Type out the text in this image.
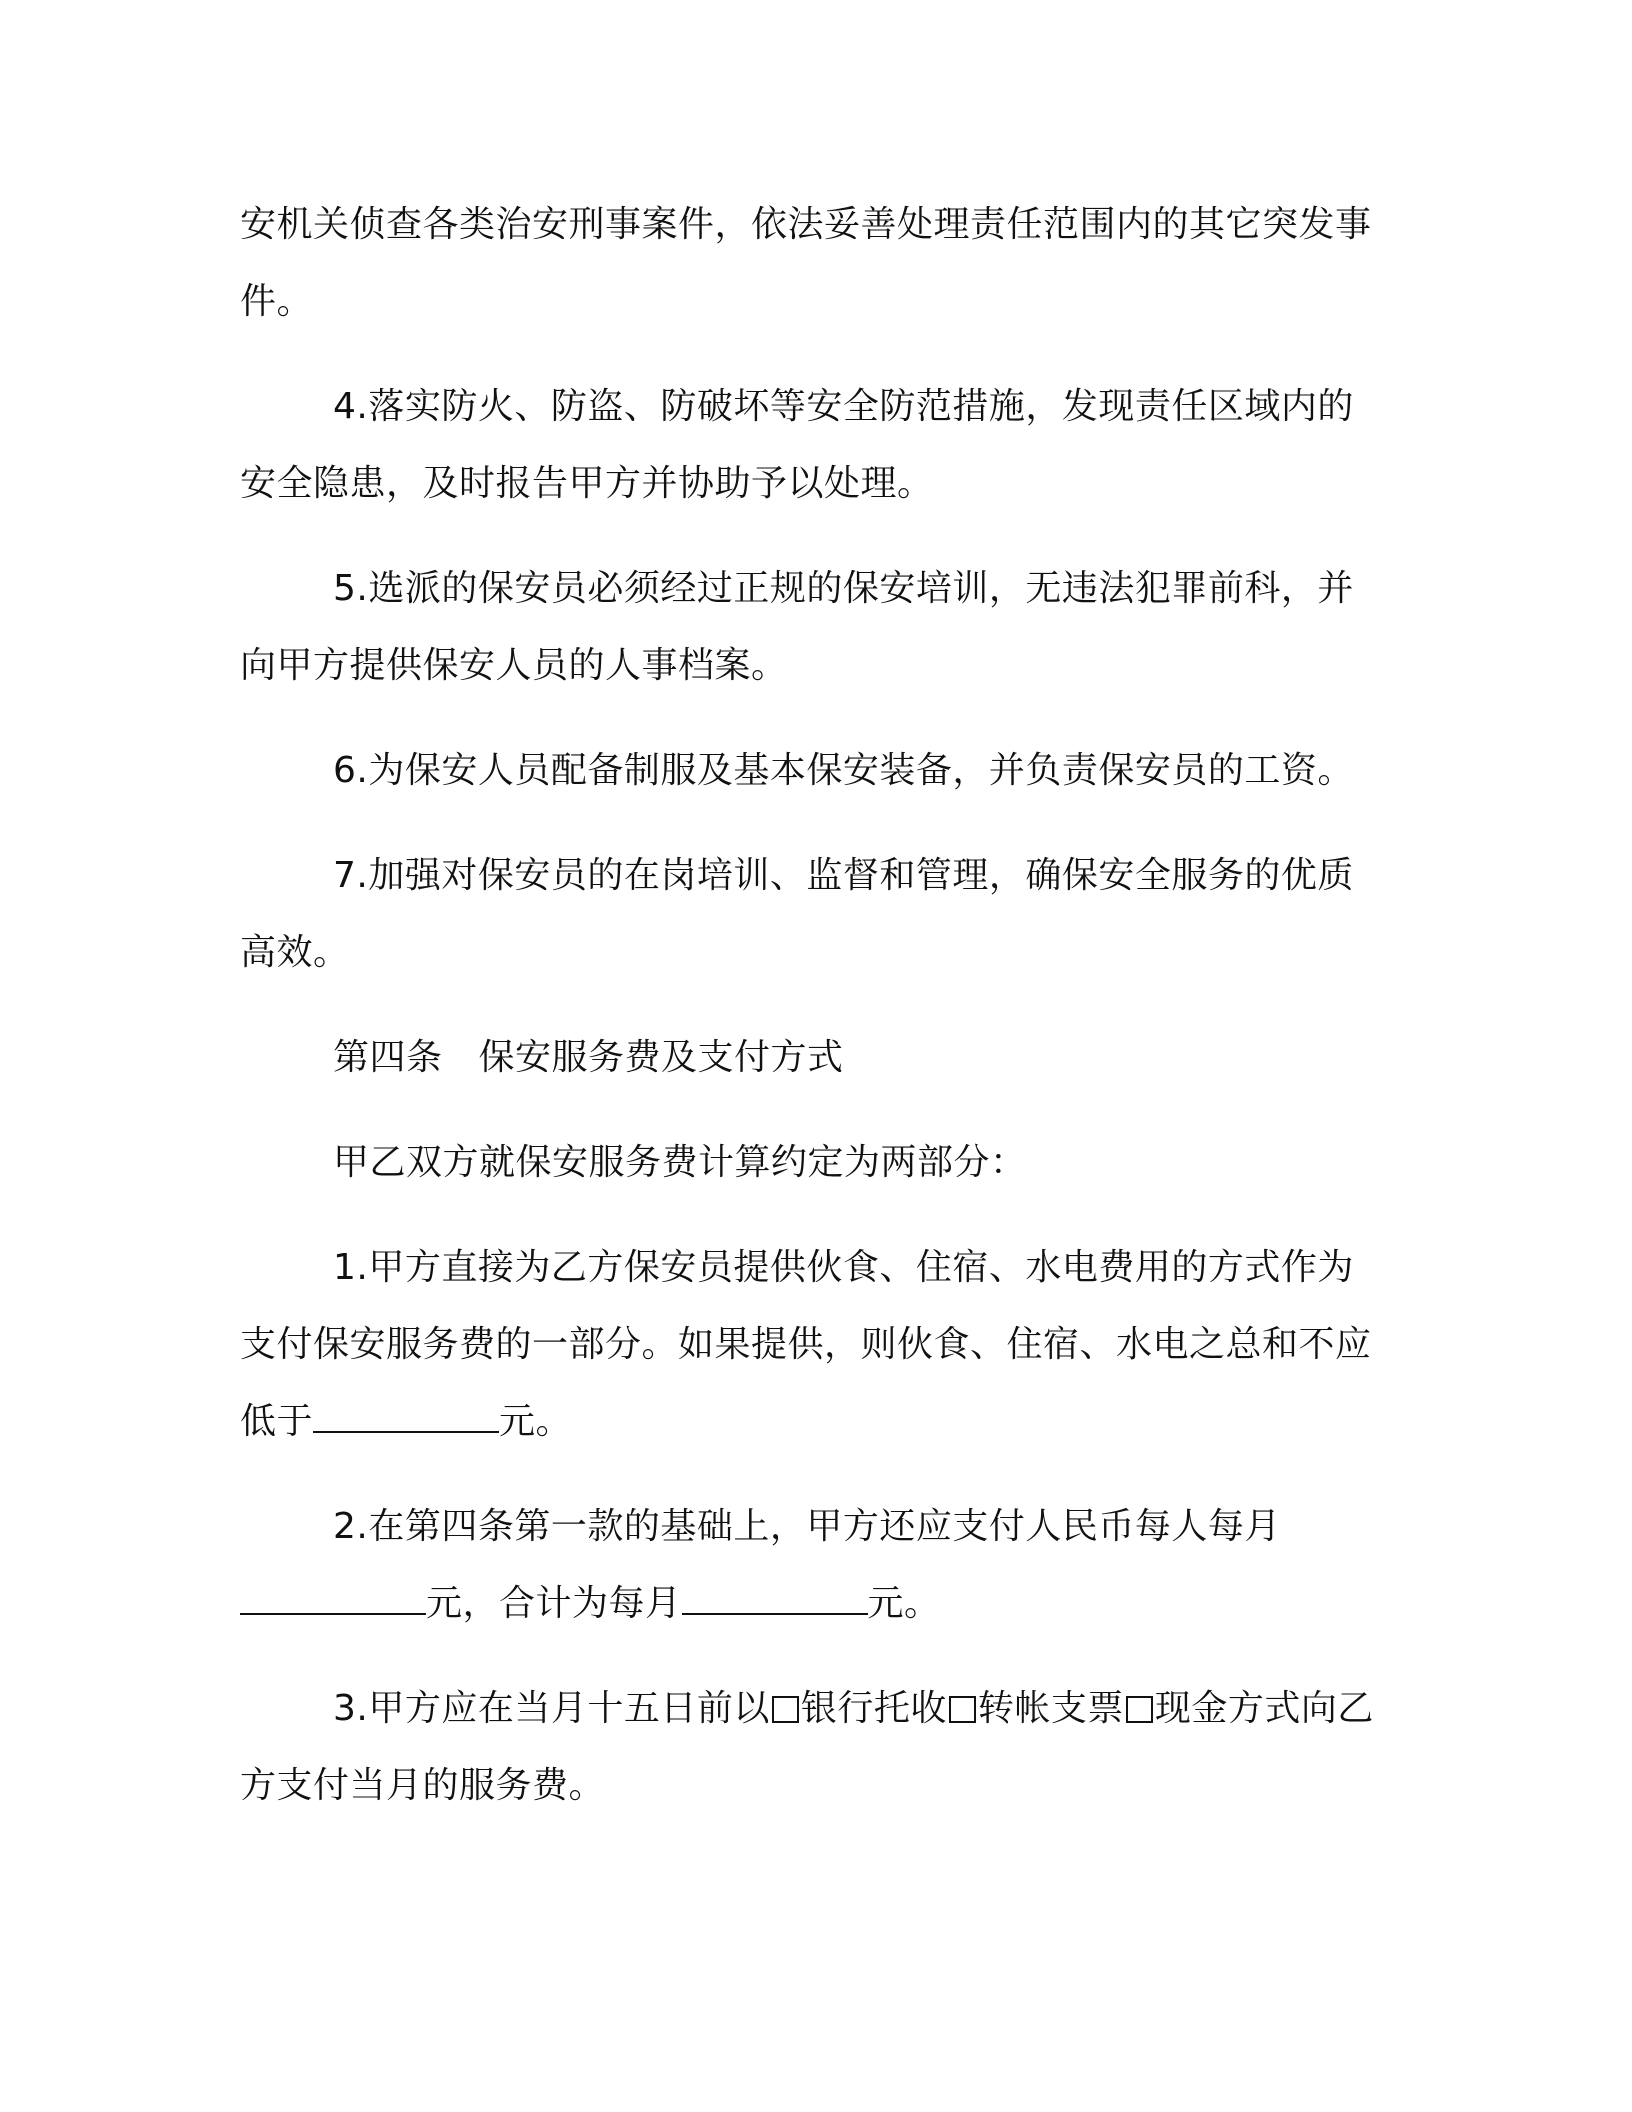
安机关侦查各类治安刑事案件，依法妥善处理责任范围内的其它突发事件。

4.落实防火、防盗、防破坏等安全防范措施，发现责任区域内的安全隐患，及时报告甲方并协助予以处理。

5.选派的保安员必须经过正规的保安培训，无违法犯罪前科，并向甲方提供保安人员的人事档案。

6.为保安人员配备制服及基本保安装备，并负责保安员的工资。

7.加强对保安员的在岗培训、监督和管理，确保安全服务的优质高效。

第四条 保安服务费及支付方式

甲乙双方就保安服务费计算约定为两部分：

1.甲方直接为乙方保安员提供伙食、住宿、水电费用的方式作为支付保安服务费的一部分。如果提供，则伙食、住宿、水电之总和不应低于	元。

2.在第四条第一款的基础上，甲方还应支付人民币每人每月元，合计为每月	元。

3.甲方应在当月十五日前以 银行托收 转帐支票 现金方式向乙方支付当月的服务费。
